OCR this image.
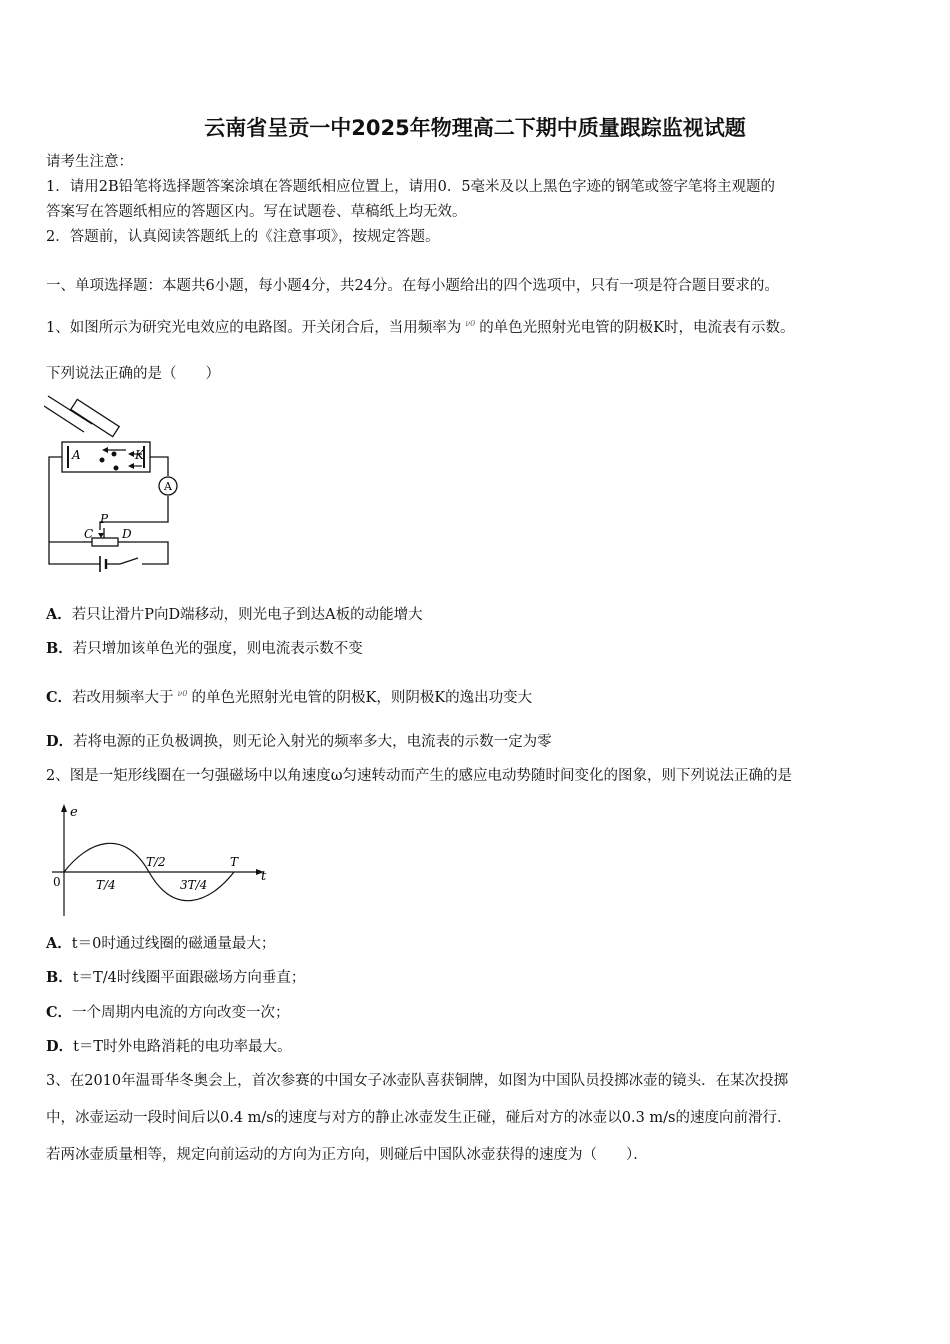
云南省呈贡一中2025年物理高二下期中质量跟踪监视试题
请考生注意：
1．请用2B铅笔将选择题答案涂填在答题纸相应位置上，请用0．5毫米及以上黑色字迹的钢笔或签字笔将主观题的
答案写在答题纸相应的答题区内。写在试题卷、草稿纸上均无效。
2．答题前，认真阅读答题纸上的《注意事项》，按规定答题。
一、单项选择题：本题共6小题，每小题4分，共24分。在每小题给出的四个选项中，只有一项是符合题目要求的。
1、如图所示为研究光电效应的电路图。开关闭合后，当用频率为 ν0 的单色光照射光电管的阴极K时，电流表有示数。
下列说法正确的是（　　）
A
A	K
P
C D
A．若只让滑片P向D端移动，则光电子到达A板的动能增大
B．若只增加该单色光的强度，则电流表示数不变
C．若改用频率大于 ν0 的单色光照射光电管的阴极K，则阴极K的逸出功变大
D．若将电源的正负极调换，则无论入射光的频率多大，电流表的示数一定为零
2、图是一矩形线圈在一匀强磁场中以角速度ω匀速转动而产生的感应电动势随时间变化的图象，则下列说法正确的是
e
t
0	T/4
T/2
3T/4
T
A．t＝0时通过线圈的磁通量最大；
B．t＝T/4时线圈平面跟磁场方向垂直；
C．一个周期内电流的方向改变一次；
D．t＝T时外电路消耗的电功率最大。
3、在2010年温哥华冬奥会上，首次参赛的中国女子冰壶队喜获铜牌，如图为中国队员投掷冰壶的镜头．在某次投掷
中，冰壶运动一段时间后以0.4 m/s的速度与对方的静止冰壶发生正碰，碰后对方的冰壶以0.3 m/s的速度向前滑行．
若两冰壶质量相等，规定向前运动的方向为正方向，则碰后中国队冰壶获得的速度为（　　）．
